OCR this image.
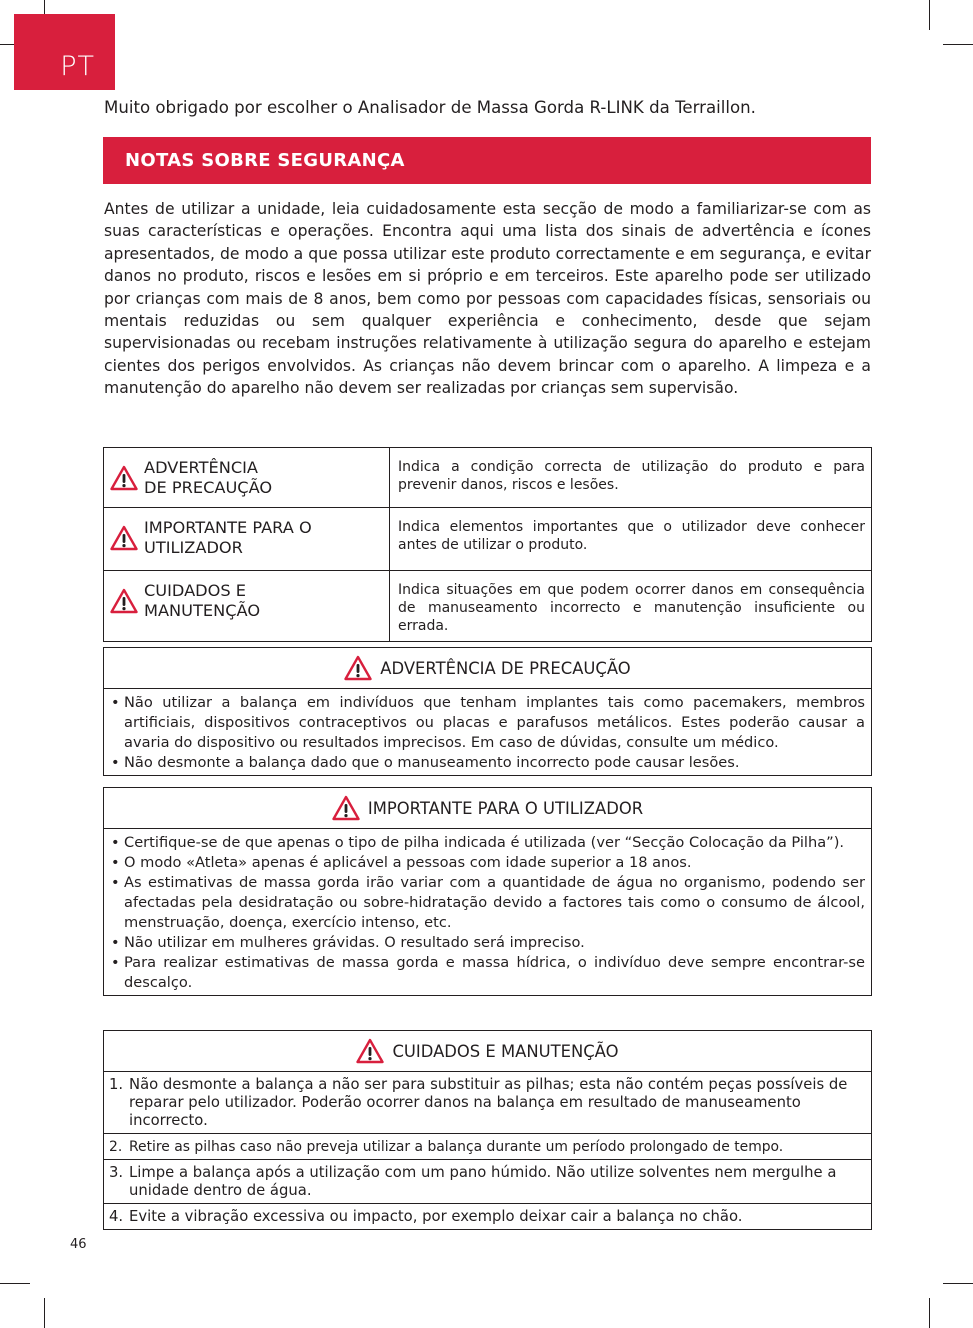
PT
Muito obrigado por escolher o Analisador de Massa Gorda R-LINK da Terraillon.
NOTAS SOBRE SEGURANÇA
Antes de utilizar a unidade, leia cuidadosamente esta secção de modo a familiarizar-se com as suas características e operações. Encontra aqui uma lista dos sinais de advertência e ícones apresentados, de modo a que possa utilizar este produto correctamente e em segurança, e evitar danos no produto, riscos e lesões em si próprio e em terceiros. Este aparelho pode ser utilizado por crianças com mais de 8 anos, bem como por pessoas com capacidades físicas, sensoriais ou mentais reduzidas ou sem qualquer experiência e conhecimento, desde que sejam supervisionadas ou recebam instruções relativamente à utilização segura do aparelho e estejam cientes dos perigos envolvidos. As crianças não devem brincar com o aparelho. A limpeza e a manutenção do aparelho não devem ser realizadas por crianças sem supervisão.
ADVERTÊNCIA
DE PRECAUÇÃO	Indica a condição correcta de utilização do produto e para prevenir danos, riscos e lesões.

IMPORTANTE PARA O
UTILIZADOR	Indica elementos importantes que o utilizador deve conhecer antes de utilizar o produto.

CUIDADOS E
MANUTENÇÃO	Indica situações em que podem ocorrer danos em consequência de manuseamento incorrecto e manutenção insuficiente ou errada.
ADVERTÊNCIA DE PRECAUÇÃO
• Não utilizar a balança em indivíduos que tenham implantes tais como pacemakers, membros artificiais, dispositivos contraceptivos ou placas e parafusos metálicos. Estes poderão causar a avaria do dispositivo ou resultados imprecisos. Em caso de dúvidas, consulte um médico.
• Não desmonte a balança dado que o manuseamento incorrecto pode causar lesões.
IMPORTANTE PARA O UTILIZADOR
• Certifique-se de que apenas o tipo de pilha indicada é utilizada (ver “Secção Colocação da Pilha”).
• O modo «Atleta» apenas é aplicável a pessoas com idade superior a 18 anos.
• As estimativas de massa gorda irão variar com a quantidade de água no organismo, podendo ser afectadas pela desidratação ou sobre-hidratação devido a factores tais como o consumo de álcool, menstruação, doença, exercício intenso, etc.
• Não utilizar em mulheres grávidas. O resultado será impreciso.
• Para realizar estimativas de massa gorda e massa hídrica, o indivíduo deve sempre encontrar-se descalço.
CUIDADOS E MANUTENÇÃO
1. Não desmonte a balança a não ser para substituir as pilhas; esta não contém peças possíveis de reparar pelo utilizador. Poderão ocorrer danos na balança em resultado de manuseamento incorrecto.
2. Retire as pilhas caso não preveja utilizar a balança durante um período prolongado de tempo.
3. Limpe a balança após a utilização com um pano húmido. Não utilize solventes nem mergulhe a unidade dentro de água.
4. Evite a vibração excessiva ou impacto, por exemplo deixar cair a balança no chão.
46
